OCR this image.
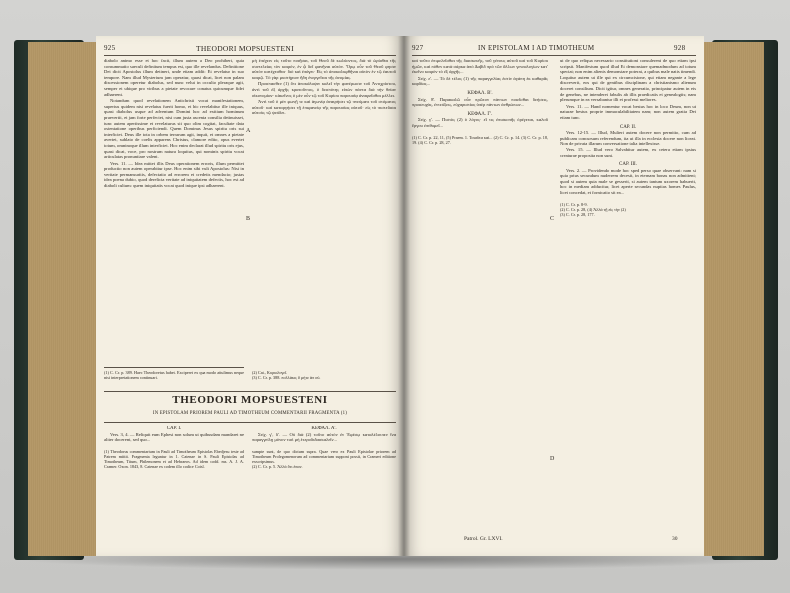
925	THEODORI MOPSUESTENI

diabolo animo esse et hoc facit, illum autem a Deo prohiberi, quia consummatio saeculi definitum tempus est, quo ille revelandus. Definitione Dei dicit Apostolus illum detineri, unde etiam addit: Et revelatur in suo tempore. Nam illud Mysterium jam operatur, quasi dicat, licet non palam discessionem operetur diabolus, sed nunc velut in occulto pleraque agit, semper et ubique pro viribus a pietate revocare conatus quicumque fidei adhaerent.

Notandum quod revelationem Antichristi vocat manifestationem, superius quidem nisi revelatus fuerit homo, et hic revelabitur ille iniquus, quasi diabolus usque ad adventum Domini hoc ad exitium hominum praevertit, et jam forte perfeciet, nisi cum justa ascenta consilia detinuisset, tunc autem apertissime et revelaturus sit quo olim cogitat, facultate data ostentatione operibus perficiendi. Quem Dominus Jesus spiritu oris sui interficiet. Deus ille tota in orbem terrarum agit, inquit, et omnes a pietate avertet, sublato de coelis apparens Christus, clamore edito, opus evertet totum, omninoque illum interficiet. Hoc enim declarat illud spiritu oris ejus, quasi dicat, voce, pro nostrum natura loquitus, qui nominis spiritu vocat articulatas pronuntiare valent.

Vers. 11. — Idea mittet illis Deus operationem erroris, illum permittet productio non autem operabitur ipse. Hoc enim sibi vult Apostolus: Nisi in veritate permansuritis, defectatio ad errorem et credetis mendacio; justas idea poena dubio, quod derelicta veritate ad iniquitatem defectis, hoc est ad diaboli cultum: quem iniquitatis vocat quod inique ipsi adhaerent.

μή ἐπέχειν εἰς τοῦτο ποιῆσαι, τοῦ Θεοῦ δὲ κωλύοντος, διὰ τὸ ὡρίσθαι τῆς συντελείας τὸν καιρόν, ἐν ᾧ δεῖ φανῆναι αὐτόν. Ὅρῳ οὖν τοῦ Θεοῦ φησιν αὐτὸν κατέχεσθαι· διὸ καὶ ἐπάγει· Εἰς τὸ ἀποκαλυφθῆναι αὐτὸν ἐν τῷ ἑαυτοῦ καιρῷ. Τὸ γὰρ μυστήριον ἤδη ἐνεργεῖται τῆς ἀνομίας.

Προσπασθεν (1) ὅτι ἀποκάλυψιν καλεῖ τὴν φανέρωσιν τοῦ Ἀντιχρίστου, ἀντὶ τοῦ ἐξ ἀρχῆς κρατοῦντος, ὁ δεσπότης εἰπὼν πάντα διὰ τὴν θείαν οἰκονομίαν· κἀκεῖνος ὁ μὲν οὖν τῷ τοῦ Κυρίου παρουσίᾳ ἀναιρεῖσθαι μέλλει.

Ἀντὶ τοῦ ὁ μὲν φωνῇ τε καὶ ἀγωνίᾳ ἀναιρήσει τῷ πνεύματι τοῦ στόματος αὐτοῦ· καὶ καταργήσει τῇ ἐπιφανείᾳ τῆς παρουσίας αὐτοῦ· εἰς τὸ πιστεῦσαι αὐτοὺς τῷ ψεύδει.

A
B

(1) C. Cr. p. 389. Haec Theodoretus habet. Exciperet ex qua modo attulimus neque nisi interpretationem continuari.

(2) Cat., Κυριολογεῖ.

(3) C. Cr. p. 388. πολλάκις ὅ μήτε ἀπ οὐ.

THEODORI MOPSUESTENI
IN EPISTOLAM PRIOREM PAULI AD TIMOTHEUM COMMENTARII FRAGMENTA (1)
CAP. I.

Vers. 3, 4. — Reliquit eum Ephesi non solum ut quibusdam mandaret ne aliter docerent, sed quo...

(1) Theodorus commentarium in Pauli ad Timotheum Epistolas Ebedjesu teste ad Patrem mittit. Fragmenta leguntur in 1. Catenae in S. Pauli Epistolas ad Timotheum, Titum, Philemonem et ad Hebraeos. Ad idem codd. ms. A. J. A. Cramer. Oxon. 1843, 8. Catenae ex codem illo codice Coisl.

ΚΕΦΑΛ. Α'.

Στίχ. γ', δ'. — Οὐ διὰ (2) τοῦτο αὐτὸν ἐν Ἐφέσῳ καταλέλοιπεν ἵνα παραγγείλῃ μόνον τισὶ μὴ ἑτεροδιδασκαλεῖν...

sumpte sunt, de quo dictum supra. Quae vero ex Pauli Epistolae priorem ad Timotheum Prolegomenorum ad commentarium supponi possit, in Crameri editione exscripsimus.

(2) C. Cr. p. 5. Ἀλλὰ ὅτι ἐπαν.

927	IN EPISTOLAM I AD TIMOTHEUM	928

καὶ τοῦτο ἐπιμελεῖσθαι τῆς διασκευῆς, τοῦ γένους αὐτοῦ καὶ τοῦ Κυρίου ἡμῶν, καὶ πόθεν κατὰ σάρκα ἀπὸ Δαβὶδ πρὸ τῶν ἄλλων γενεαλογίων κατ' ἐκεῖνο καιρὸν τὸ ἐξ ἀρχῆς...

Στίχ. ε'. — Τὸ δὲ τέλος (1) τῆς παραγγελίας ἐστὶν ἀγάπη ἐκ καθαρᾶς καρδίας...

ΚΕΦΑΛ. Β'.

Στίχ. 8'. Παρακαλῶ οὖν πρῶτον πάντων ποιεῖσθαι δεήσεις, προσευχάς, ἐντεύξεις, εὐχαριστίας ὑπὲρ πάντων ἀνθρώπων...

ΚΕΦΑΛ. Γ'.

Στίχ. γ'. — Πιστὸς (2) ὁ λόγος· εἴ τις ἐπισκοπῆς ὀρέγεται, καλοῦ ἔργου ἐπιθυμεῖ...

(1) C. Cr. p. 22, 11, (5) Praem. 1. Τοιαῦτα καὶ... (2) C. Cr. p. 14. (3) C. Cr. p. 18, 19. (4) C. Cr. p. 28, 27.

C
D

ut de quo reliqua necessario constitutioni consulerent de quo etiam ipsi scripsit. Manifestum quod illud Et demonstare quemadmodum ad totum spectat; non enim alienis demonstare poterat, a quibus male natis timendi. Loquitur autem ut ille qui ex circumcisione, qui etiam negante a lege discreverit, eos qui de gentibus disciplinam a christianismo alienum doceret consilium. Dicit igitur, omnes generatio, principatur autem in eis de genebus, ne intenderet fabulis ab illis praedicatis et genealogiis; nam plerumque in ea versabantur illi et professi meliores.

Vers. 11. — Hand nomentur vocat bestus hoc in loco Deum, non ut naturae bestus proprie immaculabilitatem nam; non autem gratia Dei etiam tunc.

CAP. II.

Vers. 12-15. — Illud, Mulieri autem docere non permitto, cum ad publicam concursum referendum, ita ut illa in ecclesia docere non liceat. Non de privata illarum conversatione talia intellexisse.

Vers. 15. — Illud vero Salvabitur autem, ex cetera etiam ipsius creaturae proposita non sunt.

CAP. III.

Vers. 2. — Providendo mode hoc sped perso quae observant: nam si quia prius secundum nuderrem decesit, in eternam bonas non admittent; quod si autem quia male se gesserit, si autem tantum uxorem habuerit, hoc in mediam adducitur, licet aperte secundas nuptias homes Paulus, licet concedat, et fornicatio sit ea...

(1) C. Cr. p. 8-9.

(2) C. Cr. p. 28, (4) Ἀλλὰ τῇ εἰς τὴν (2)

(3) C. Cr. p. 28, 177.

Patrol. Gr. LXVI.	30
